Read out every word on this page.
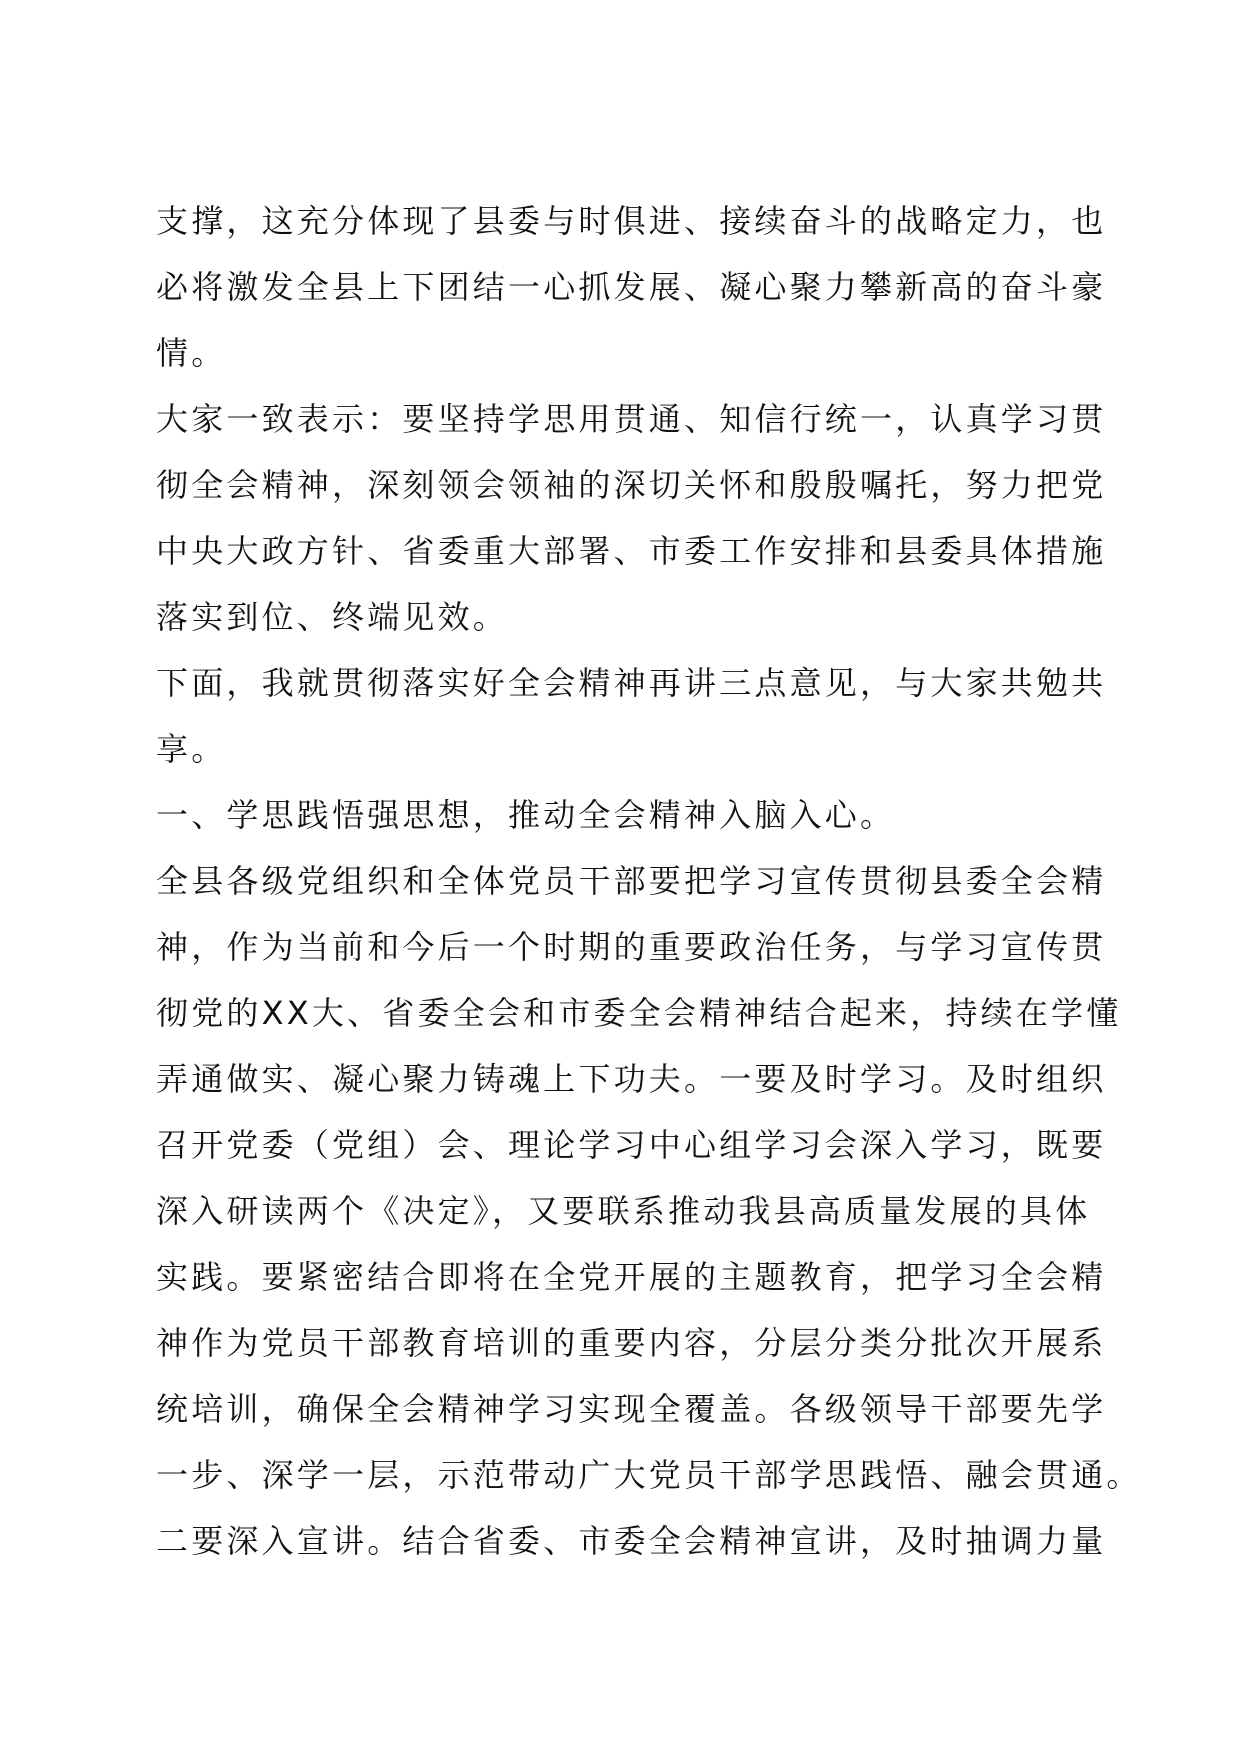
支撑，这充分体现了县委与时俱进、接续奋斗的战略定力，也
必将激发全县上下团结一心抓发展、凝心聚力攀新高的奋斗豪
情。
大家一致表示：要坚持学思用贯通、知信行统一，认真学习贯
彻全会精神，深刻领会领袖的深切关怀和殷殷嘱托，努力把党
中央大政方针、省委重大部署、市委工作安排和县委具体措施
落实到位、终端见效。
下面，我就贯彻落实好全会精神再讲三点意见，与大家共勉共
享。
一、学思践悟强思想，推动全会精神入脑入心。
全县各级党组织和全体党员干部要把学习宣传贯彻县委全会精
神，作为当前和今后一个时期的重要政治任务，与学习宣传贯
彻党的XX大、省委全会和市委全会精神结合起来，持续在学懂
弄通做实、凝心聚力铸魂上下功夫。一要及时学习。及时组织
召开党委（党组）会、理论学习中心组学习会深入学习，既要
深入研读两个《决定》，又要联系推动我县高质量发展的具体
实践。要紧密结合即将在全党开展的主题教育，把学习全会精
神作为党员干部教育培训的重要内容，分层分类分批次开展系
统培训，确保全会精神学习实现全覆盖。各级领导干部要先学
一步、深学一层，示范带动广大党员干部学思践悟、融会贯通。
二要深入宣讲。结合省委、市委全会精神宣讲，及时抽调力量
